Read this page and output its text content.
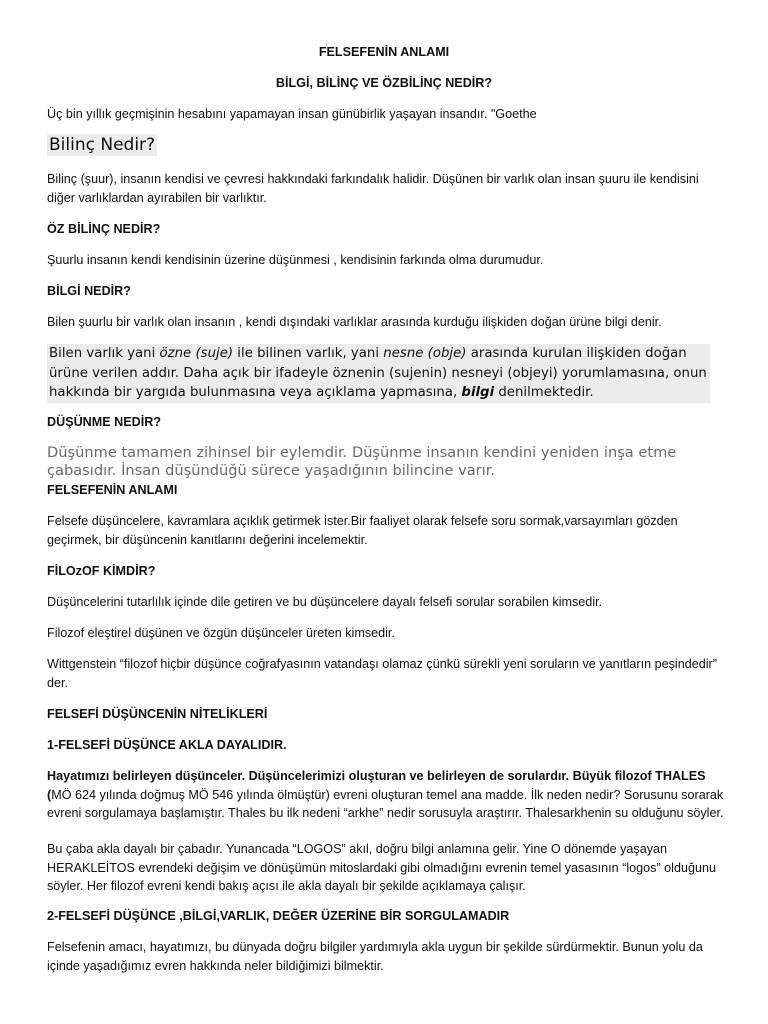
FELSEFENİN ANLAMI

BİLGİ, BİLİNÇ VE ÖZBİLİNÇ NEDİR?

Üç bin yıllık geçmişinin hesabını yapamayan insan günübirlik yaşayan insandır. "Goethe

Bilinç Nedir?

Bilinç (şuur), insanın kendisi ve çevresi hakkındaki farkındalık halidir. Düşünen bir varlık olan insan şuuru ile kendisini diğer varlıklardan ayırabilen bir varlıktır.

ÖZ BİLİNÇ NEDİR?

Şuurlu insanın kendi kendisinin üzerine düşünmesi , kendisinin farkında olma durumudur.

BİLGİ NEDİR?

Bilen şuurlu bir varlık olan insanın , kendi dışındaki varlıklar arasında kurduğu ilişkiden doğan ürüne bilgi denir.

Bilen varlık yani özne (suje) ile bilinen varlık, yani nesne (obje) arasında kurulan ilişkiden doğan ürüne verilen addır. Daha açık bir ifadeyle öznenin (sujenin) nesneyi (objeyi) yorumlamasına, onun hakkında bir yargıda bulunmasına veya açıklama yapmasına, bilgi denilmektedir.

DÜŞÜNME NEDİR?

Düşünme tamamen zihinsel bir eylemdir. Düşünme insanın kendini yeniden inşa etme çabasıdır. İnsan düşündüğü sürece yaşadığının bilincine varır.

FELSEFENİN ANLAMI

Felsefe düşüncelere, kavramlara açıklık getirmek ister.Bir faaliyet olarak felsefe soru sormak,varsayımları gözden geçirmek, bir düşüncenin kanıtlarını değerini incelemektir.

FİLOzOF KİMDİR?

Düşüncelerini tutarlılık içinde dile getiren ve bu düşüncelere dayalı felsefi sorular sorabilen kimsedir.

Filozof eleştirel düşünen ve özgün düşünceler üreten kimsedir.

Wittgenstein “filozof hiçbir düşünce coğrafyasının vatandaşı olamaz çünkü sürekli yeni soruların ve yanıtların peşindedir” der.

FELSEFİ DÜŞÜNCENİN NİTELİKLERİ

1-FELSEFİ DÜŞÜNCE AKLA DAYALIDIR.

Hayatımızı belirleyen düşünceler. Düşüncelerimizi oluşturan ve belirleyen de sorulardır. Büyük filozof THALES (MÖ 624 yılında doğmuş MÖ 546 yılında ölmüştür) evreni oluşturan temel ana madde. İlk neden nedir? Sorusunu sorarak evreni sorgulamaya başlamıştır. Thales bu ilk nedeni “arkhe” nedir sorusuyla araştırır. Thalesarkhenin su olduğunu söyler.

Bu çaba akla dayalı bir çabadır. Yunancada “LOGOS” akıl, doğru bilgi anlamına gelir. Yine O dönemde yaşayan HERAKLEİTOS evrendeki değişim ve dönüşümün mitoslardaki gibi olmadığını evrenin temel yasasının “logos” olduğunu söyler. Her filozof evreni kendi bakış açısı ile akla dayalı bir şekilde açıklamaya çalışır.

2-FELSEFİ DÜŞÜNCE ,BİLGİ,VARLIK, DEĞER ÜZERİNE BİR SORGULAMADIR

Felsefenin amacı, hayatımızı, bu dünyada doğru bilgiler yardımıyla akla uygun bir şekilde sürdürmektir. Bunun yolu da içinde yaşadığımız evren hakkında neler bildiğimizi bilmektir.
